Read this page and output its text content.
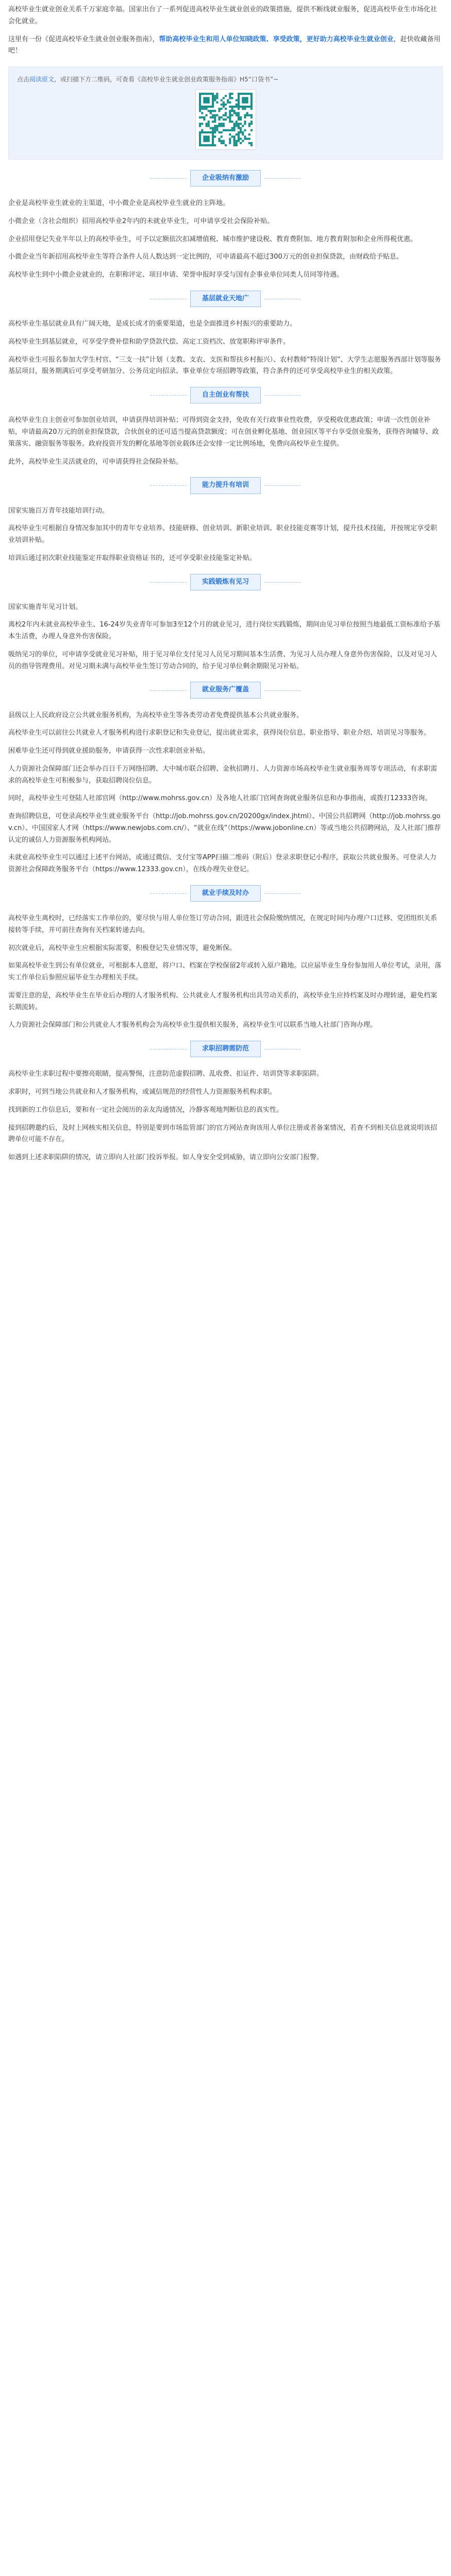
高校毕业生就业创业关系千万家庭幸福。国家出台了一系列促进高校毕业生就业创业的政策措施，提供不断线就业服务，促进高校毕业生市场化社会化就业。

这里有一份《促进高校毕业生就业创业服务指南》，帮助高校毕业生和用人单位知晓政策、享受政策，更好助力高校毕业生就业创业，赶快收藏备用吧！

点击阅读原文，或扫描下方二维码，可查看《高校毕业生就业创业政策服务指南》H5“口袋书”~
企业吸纳有激励

企业是高校毕业生就业的主渠道，中小微企业是高校毕业生就业的主阵地。

小微企业（含社会组织）招用高校毕业2年内的未就业毕业生，可申请享受社会保险补贴。

企业招用登记失业半年以上的高校毕业生，可予以定额依次扣减增值税、城市维护建设税、教育费附加、地方教育附加和企业所得税优惠。

小微企业当年新招用高校毕业生等符合条件人员人数达到一定比例的，可申请最高不超过300万元的创业担保贷款，由财政给予贴息。

高校毕业生到中小微企业就业的，在职称评定、项目申请、荣誉申报时享受与国有企事业单位同类人员同等待遇。

基层就业天地广

高校毕业生基层就业具有广阔天地，是成长成才的重要渠道，也是全面推进乡村振兴的重要助力。

高校毕业生到基层就业，可享受学费补偿和助学贷款代偿、高定工资档次、放宽职称评审条件。

高校毕业生可报名参加大学生村官、“三支一扶”计划（支教、支农、支医和帮扶乡村振兴）、农村教师“特岗计划”、大学生志愿服务西部计划等服务基层项目，服务期满后可享受考研加分、公务员定向招录、事业单位专项招聘等政策，符合条件的还可享受高校毕业生的相关政策。

自主创业有帮扶

高校毕业生自主创业可参加创业培训，申请获得培训补贴；可得到资金支持，免收有关行政事业性收费，享受税收优惠政策；申请一次性创业补贴，申请最高20万元的创业担保贷款，合伙创业的还可适当提高贷款额度；可在创业孵化基地、创业园区等平台享受创业服务，获得咨询辅导、政策落实、融资服务等服务。政府投资开发的孵化基地等创业载体还会安排一定比例场地，免费向高校毕业生提供。

此外，高校毕业生灵活就业的，可申请获得社会保险补贴。

能力提升有培训

国家实施百万青年技能培训行动。

高校毕业生可根据自身情况参加其中的青年专业培养、技能研修、创业培训、新职业培训、职业技能竞赛等计划，提升技术技能，并按规定享受职业培训补贴。

培训后通过初次职业技能鉴定并取得职业资格证书的，还可享受职业技能鉴定补贴。

实践锻炼有见习

国家实施青年见习计划。

离校2年内未就业高校毕业生、16-24岁失业青年可参加3至12个月的就业见习，进行岗位实践锻炼，期间由见习单位按照当地最低工资标准给予基本生活费，办理人身意外伤害保险。

吸纳见习的单位，可申请享受就业见习补贴，用于见习单位支付见习人员见习期间基本生活费、为见习人员办理人身意外伤害保险，以及对见习人员的指导管理费用。对见习期未满与高校毕业生签订劳动合同的，给予见习单位剩余期限见习补贴。

就业服务广覆盖

县级以上人民政府设立公共就业服务机构，为高校毕业生等各类劳动者免费提供基本公共就业服务。

高校毕业生可以前往公共就业人才服务机构进行求职登记和失业登记，提出就业需求，获得岗位信息、职业指导、职业介绍、培训见习等服务。

困难毕业生还可得到就业援助服务，申请获得一次性求职创业补贴。

人力资源社会保障部门还会举办百日千万网络招聘、大中城市联合招聘、金秋招聘月、人力资源市场高校毕业生就业服务周等专项活动，有求职需求的高校毕业生可积极参与，获取招聘岗位信息。

同时，高校毕业生可登陆人社部官网（http://www.mohrss.gov.cn）及各地人社部门官网查询就业服务信息和办事指南，或拨打12333咨询。

查询招聘信息，可登录高校毕业生就业服务平台（http://job.mohrss.gov.cn/20200gx/index.jhtml）、中国公共招聘网（http://job.mohrss.gov.cn）、中国国家人才网（https://www.newjobs.com.cn/）、“就业在线”（https://www.jobonline.cn）等或当地公共招聘网站，及人社部门推荐认定的诚信人力资源服务机构网站。

未就业高校毕业生可以通过上述平台网站，或通过微信、支付宝等APP扫描二维码（附后）登录求职登记小程序，获取公共就业服务。可登录人力资源社会保障政务服务平台（https://www.12333.gov.cn），在线办理失业登记。

就业手续及时办

高校毕业生离校时，已经落实工作单位的，要尽快与用人单位签订劳动合同，跟进社会保险缴纳情况，在规定时间内办理户口迁移、党团组织关系接转等手续，并可前往查询有关档案转递去向。

初次就业后，高校毕业生应根据实际需要，积极登记失业情况等，避免断保。

如果高校毕业生到公有单位就业，可根据本人意愿，将户口、档案在学校保留2年或转入原户籍地。以应届毕业生身份参加用人单位考试，录用，落实工作单位后参照应届毕业生办理相关手续。

需要注意的是，高校毕业生在毕业后办理的人才服务机构、公共就业人才服务机构出具劳动关系的，高校毕业生应持档案及时办理转递，避免档案长期流转。

人力资源社会保障部门和公共就业人才服务机构会为高校毕业生提供相关服务，高校毕业生可以联系当地人社部门咨询办理。

求职招聘需防范

高校毕业生求职过程中要擦亮眼睛，提高警惕，注意防范虚假招聘、乱收费、扣证件、培训贷等求职陷阱。

求职时，可到当地公共就业和人才服务机构，或诚信规范的经营性人力资源服务机构求职。

找到新的工作信息后，要和有一定社会阅历的亲友沟通情况，冷静客观地判断信息的真实性。

接到招聘邀约后，及时上网核实相关信息，特别是要到市场监管部门的官方网站查询该用人单位注册或者备案情况，若查不到相关信息就说明该招聘单位可能不存在。

如遇到上述求职陷阱的情况，请立即向人社部门投诉举报。如人身安全受到威胁，请立即向公安部门报警。
